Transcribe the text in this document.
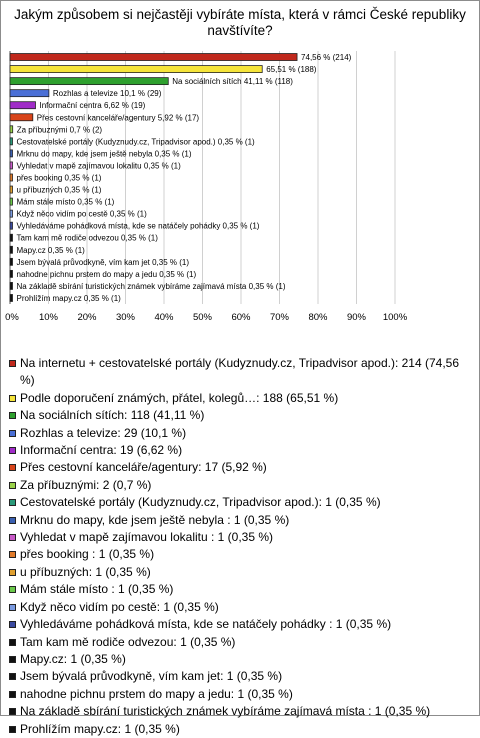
0% 10% 20% 30% 40% 50% 60% 70% 80% 90% 100%
74,56 % (214)
65,51 % (188)
Na sociálních sítích 41,11 % (118)
Rozhlas a televize 10,1 % (29)
Informační centra 6,62 % (19)
Přes cestovní kanceláře/agentury 5,92 % (17)
Za příbuznými 0,7 % (2)
Cestovatelské portály (Kudyznudy.cz, Tripadvisor apod.) 0,35 % (1)
Mrknu do mapy, kde jsem ještě nebyla 0,35 % (1)
Vyhledat v mapě zajímavou lokalitu 0,35 % (1)
přes booking 0,35 % (1)
u příbuzných 0,35 % (1)
Mám stále místo 0,35 % (1)
Když něco vidím po cestě 0,35 % (1)
Vyhledáváme pohádková místa, kde se natáčely pohádky 0,35 % (1)
Tam kam mě rodiče odvezou 0,35 % (1)
Mapy.cz 0,35 % (1)
Jsem bývalá průvodkyně, vím kam jet 0,35 % (1)
nahodne pichnu prstem do mapy a jedu 0,35 % (1)
Na základě sbírání turistických známek vybíráme zajímavá místa 0,35 % (1)
Prohlížím mapy.cz 0,35 % (1)
Jakým způsobem si nejčastěji vybíráte místa, která v rámci České republiky navštívíte?
Na internetu + cestovatelské portály (Kudyznudy.cz, Tripadvisor apod.): 214 (74,56 %)
Podle doporučení známých, přátel, kolegů…: 188 (65,51 %)
Na sociálních sítích: 118 (41,11 %)
Rozhlas a televize: 29 (10,1 %)
Informační centra: 19 (6,62 %)
Přes cestovní kanceláře/agentury: 17 (5,92 %)
Za příbuznými: 2 (0,7 %)
Cestovatelské portály (Kudyznudy.cz, Tripadvisor apod.): 1 (0,35 %)
Mrknu do mapy, kde jsem ještě nebyla : 1 (0,35 %)
Vyhledat v mapě zajímavou lokalitu : 1 (0,35 %)
přes booking : 1 (0,35 %)
u příbuzných: 1 (0,35 %)
Mám stále místo : 1 (0,35 %)
Když něco vidím po cestě: 1 (0,35 %)
Vyhledáváme pohádková místa, kde se natáčely pohádky : 1 (0,35 %)
Tam kam mě rodiče odvezou: 1 (0,35 %)
Mapy.cz: 1 (0,35 %)
Jsem bývalá průvodkyně, vím kam jet: 1 (0,35 %)
nahodne pichnu prstem do mapy a jedu: 1 (0,35 %)
Na základě sbírání turistických známek vybíráme zajímavá místa : 1 (0,35 %)
Prohlížím mapy.cz: 1 (0,35 %)
